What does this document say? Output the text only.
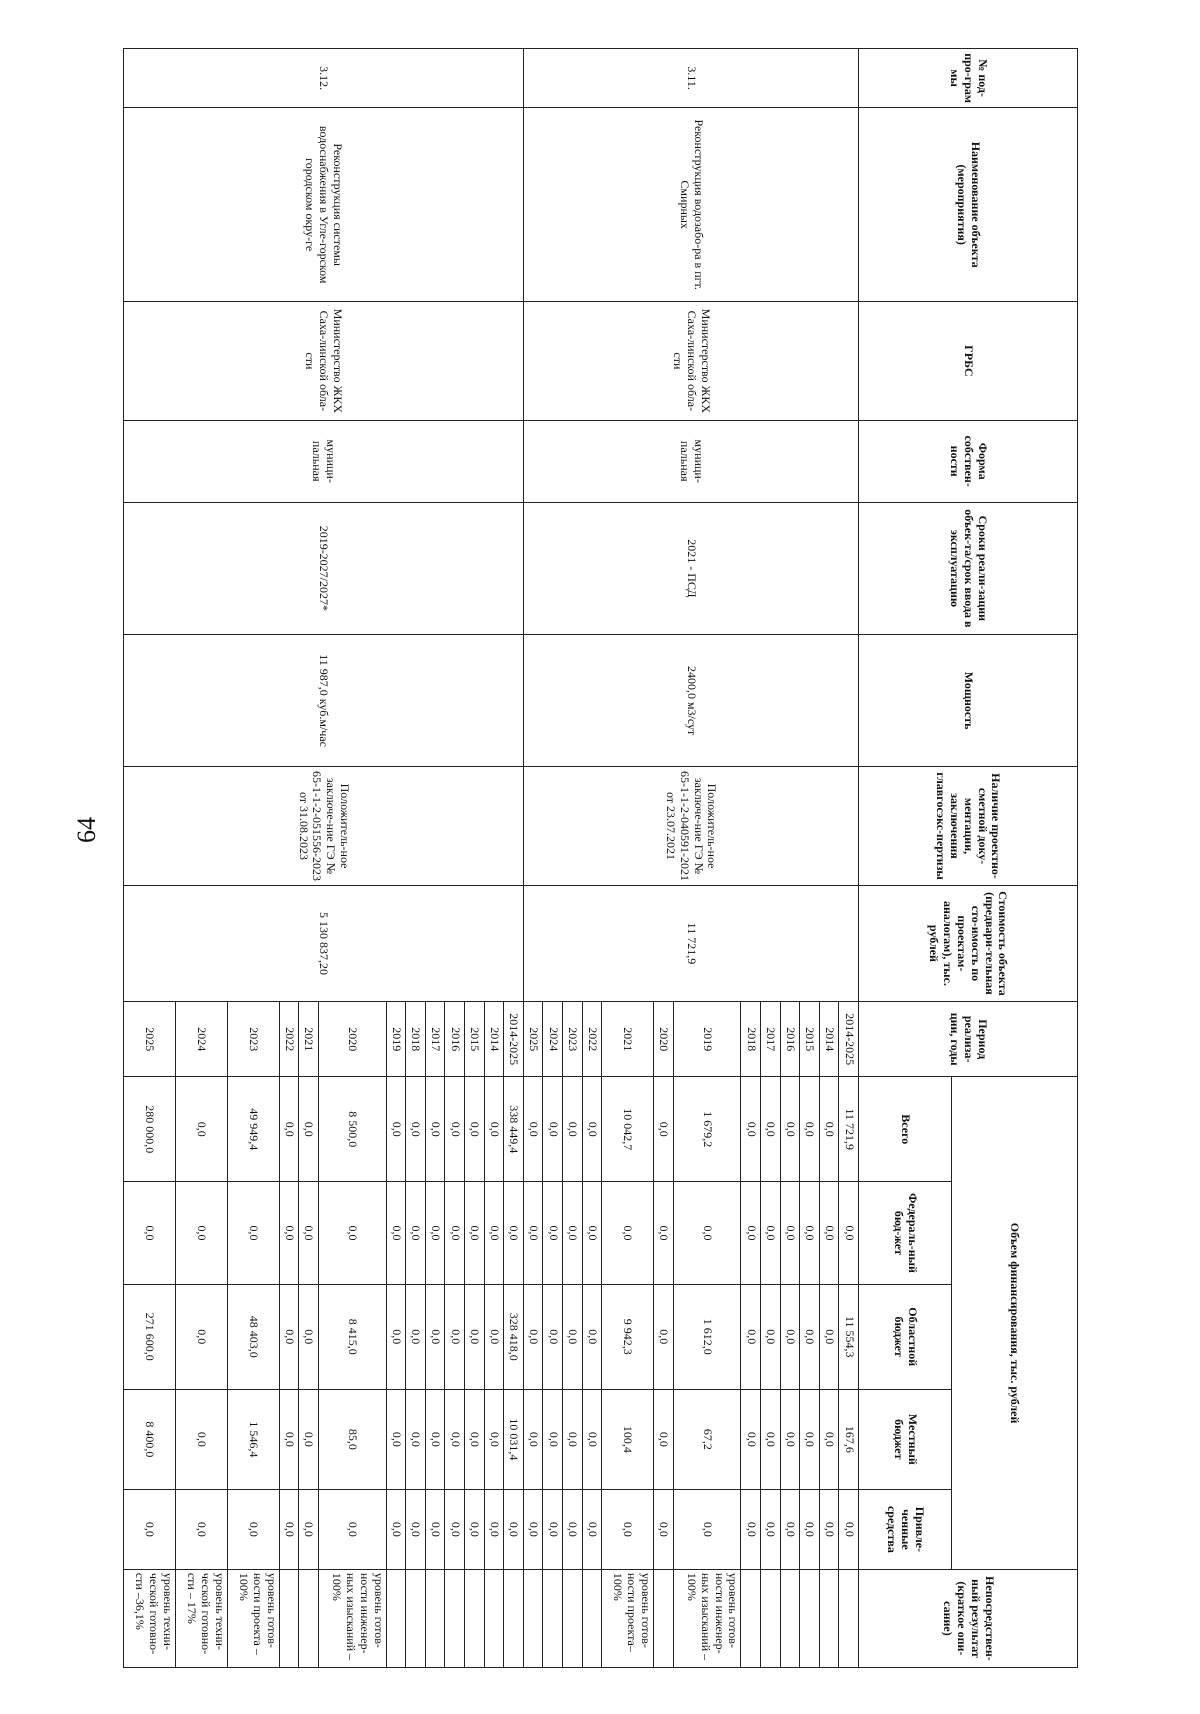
64
№ под-про-грам мы	Наименование объекта (мероприятия)	ГРБС	Форма собствен-ности	Сроки реали-зации объек-та/срок ввода в эксплуатацию	Мощность	Наличие проектно-сметной доку-ментации, заключения главгосэкс-пертизы	Стоимость объекта (предвари-тельная сто-имость по проектам-аналогам), тыс. рублей	Период реализа-ции, годы	Объем финансирования, тыс. рублей					Непосредствен-ный результат (краткое опи-сание)
									Всего	Федераль-ный бюд-жет	Областной бюджет	Местный бюджет	Привле-ченные средства	
3.11.	Реконструкция водозабо-ра в пгт. Смирных	Министерство ЖКХ Саха-линской обла-сти	муници-пальная	2021 - ПСД	2400,0 м3/сут	Положитель-ное заключе-ние ГЭ № 65-1-1-2-040591-2021 от 23.07.2021	11 721,9	2014-2025	11 721,9	0,0	11 554,3	167,6	0,0	
								2014	0,0	0,0	0,0	0,0	0,0	
								2015	0,0	0,0	0,0	0,0	0,0	
								2016	0,0	0,0	0,0	0,0	0,0	
								2017	0,0	0,0	0,0	0,0	0,0	
								2018	0,0	0,0	0,0	0,0	0,0	
								2019	1 679,2	0,0	1 612,0	67,2	0,0	уровень готов-ности инженер-ных изысканий – 100%
								2020	0,0	0,0	0,0	0,0	0,0	
								2021	10 042,7	0,0	9 942,3	100,4	0,0	уровень готов-ности проекта– 100%
								2022	0,0	0,0	0,0	0,0	0,0	
								2023	0,0	0,0	0,0	0,0	0,0	
								2024	0,0	0,0	0,0	0,0	0,0	
								2025	0,0	0,0	0,0	0,0	0,0	
3.12.	Реконструкция системы водоснабжения в Угле-горском городском окру-ге	Министерство ЖКХ Саха-линской обла-сти	муници-пальная	2019-2027/2027*	11 987,0 куб.м/час	Положитель-ное заключе-ние ГЭ № 65-1-1-2-051556-2023 от 31.08.2023	5 130 837,20	2014-2025	338 449,4	0,0	328 418,0	10 031,4	0,0	
								2014	0,0	0,0	0,0	0,0	0,0	
								2015	0,0	0,0	0,0	0,0	0,0	
								2016	0,0	0,0	0,0	0,0	0,0	
								2017	0,0	0,0	0,0	0,0	0,0	
								2018	0,0	0,0	0,0	0,0	0,0	
								2019	0,0	0,0	0,0	0,0	0,0	
								2020	8 500,0	0,0	8 415,0	85,0	0,0	уровень готов-ности инженер-ных изысканий – 100%
								2021	0,0	0,0	0,0	0,0	0,0	
								2022	0,0	0,0	0,0	0,0	0,0	
								2023	49 949,4	0,0	48 403,0	1 546,4	0,0	уровень готов-ности проекта – 100%
								2024	0,0	0,0	0,0	0,0	0,0	уровень техни-ческой готовно-сти – 17%
								2025	280 000,0	0,0	271 600,0	8 400,0	0,0	уровень техни-ческой готовно-сти –36,1%
